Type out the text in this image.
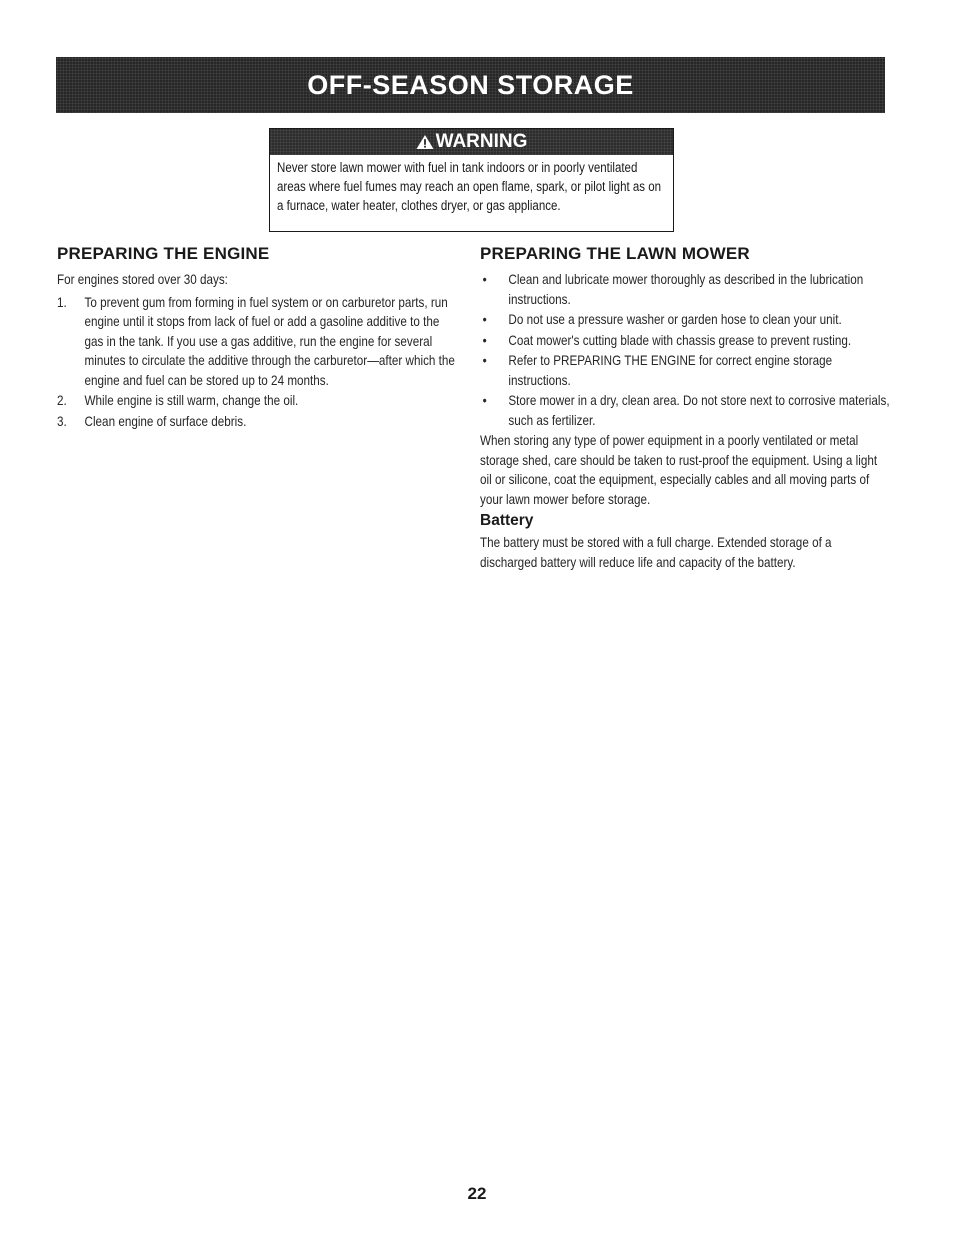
OFF-SEASON STORAGE
WARNING
Never store lawn mower with fuel in tank indoors or in poorly ventilated areas where fuel fumes may reach an open flame, spark, or pilot light as on a furnace, water heater, clothes dryer, or gas appliance.
PREPARING THE ENGINE

For engines stored over 30 days:

1.	To prevent gum from forming in fuel system or on carburetor parts, run engine until it stops from lack of fuel or add a gasoline additive to the gas in the tank. If you use a gas additive, run the engine for several minutes to circulate the additive through the carburetor—after which the engine and fuel can be stored up to 24 months.
2.	While engine is still warm, change the oil.
3.	Clean engine of surface debris.
PREPARING THE LAWN MOWER
•	Clean and lubricate mower thoroughly as described in the lubrication instructions.
•	Do not use a pressure washer or garden hose to clean your unit.
•	Coat mower's cutting blade with chassis grease to prevent rusting.
•	Refer to PREPARING THE ENGINE for correct engine storage instructions.
•	Store mower in a dry, clean area. Do not store next to corrosive materials, such as fertilizer.

When storing any type of power equipment in a poorly ventilated or metal storage shed, care should be taken to rust-proof the equipment. Using a light oil or silicone, coat the equipment, especially cables and all moving parts of your lawn mower before storage.

Battery

The battery must be stored with a full charge. Extended storage of a discharged battery will reduce life and capacity of the battery.

22
